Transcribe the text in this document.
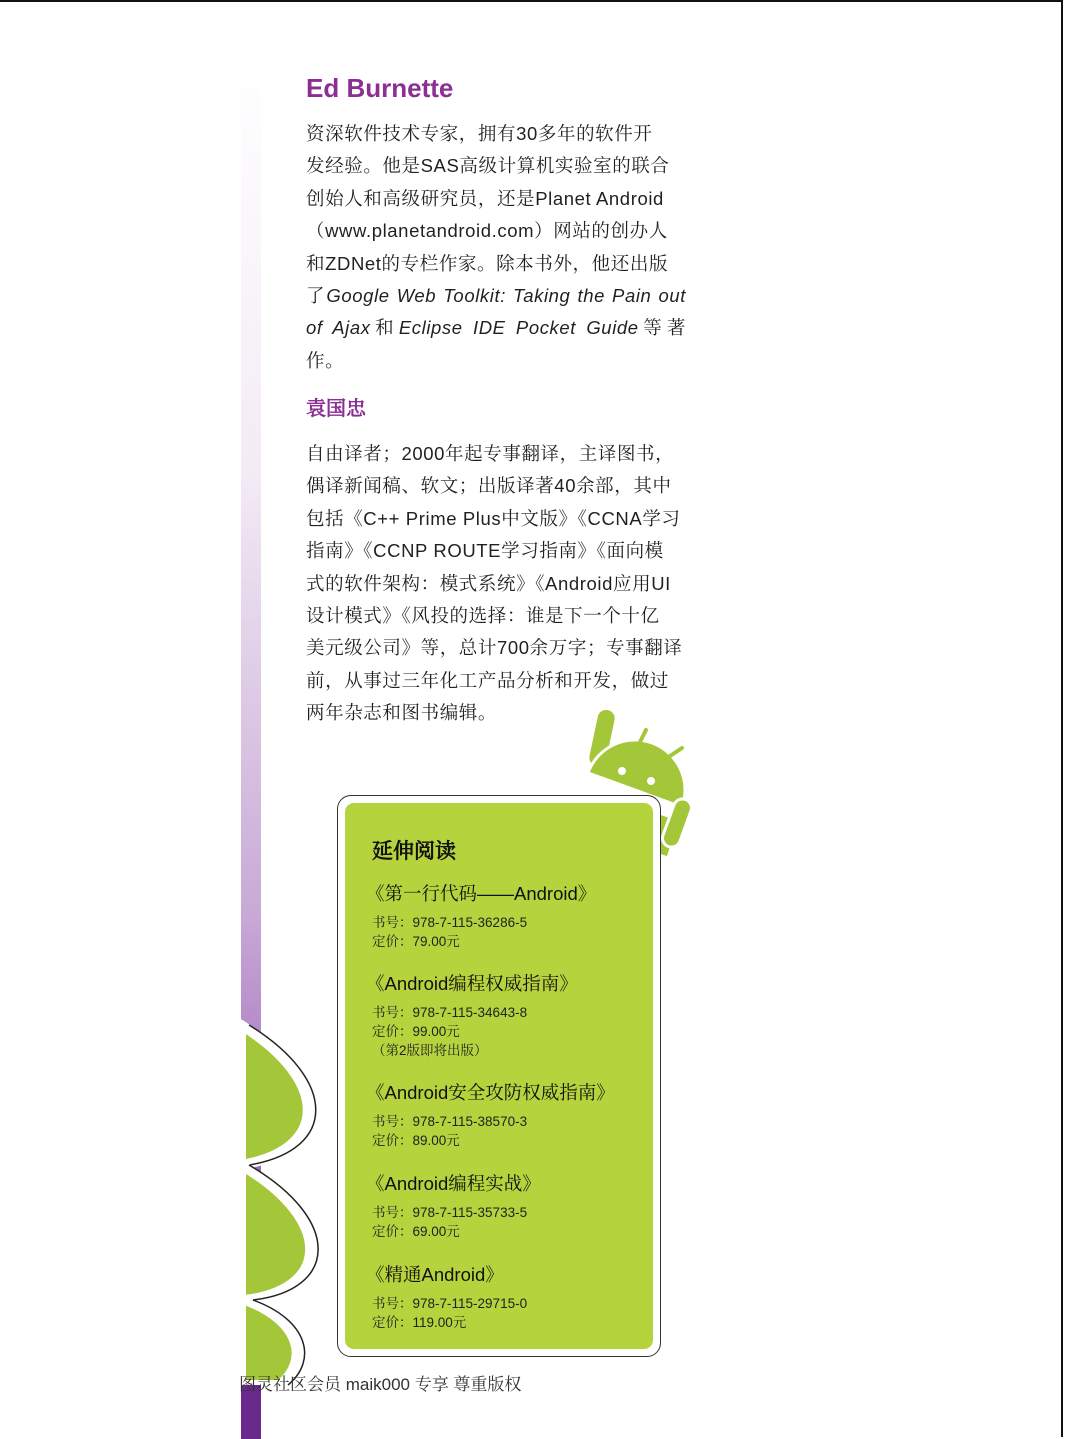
Ed Burnette

资深软件技术专家，拥有30多年的软件开
发经验。他是SAS高级计算机实验室的联合
创始人和高级研究员，还是Planet Android
（www.planetandroid.com）网站的创办人
和ZDNet的专栏作家。除本书外，他还出版
了Google Web Toolkit: Taking the Pain out of Ajax和Eclipse IDE Pocket Guide等著作。

袁国忠

自由译者；2000年起专事翻译，主译图书，
偶译新闻稿、软文；出版译著40余部，其中
包括《C++ Prime Plus中文版》《CCNA学习
指南》《CCNP ROUTE学习指南》《面向模
式的软件架构：模式系统》《Android应用UI
设计模式》《风投的选择：谁是下一个十亿
美元级公司》等，总计700余万字；专事翻译
前，从事过三年化工产品分析和开发，做过
两年杂志和图书编辑。

延伸阅读
《第一行代码——Android》
书号：978-7-115-36286-5
定价：79.00元
《Android编程权威指南》
书号：978-7-115-34643-8
定价：99.00元
（第2版即将出版）
《Android安全攻防权威指南》
书号：978-7-115-38570-3
定价：89.00元
《Android编程实战》
书号：978-7-115-35733-5
定价：69.00元
《精通Android》
书号：978-7-115-29715-0
定价：119.00元
图灵社区会员 maik000 专享 尊重版权
